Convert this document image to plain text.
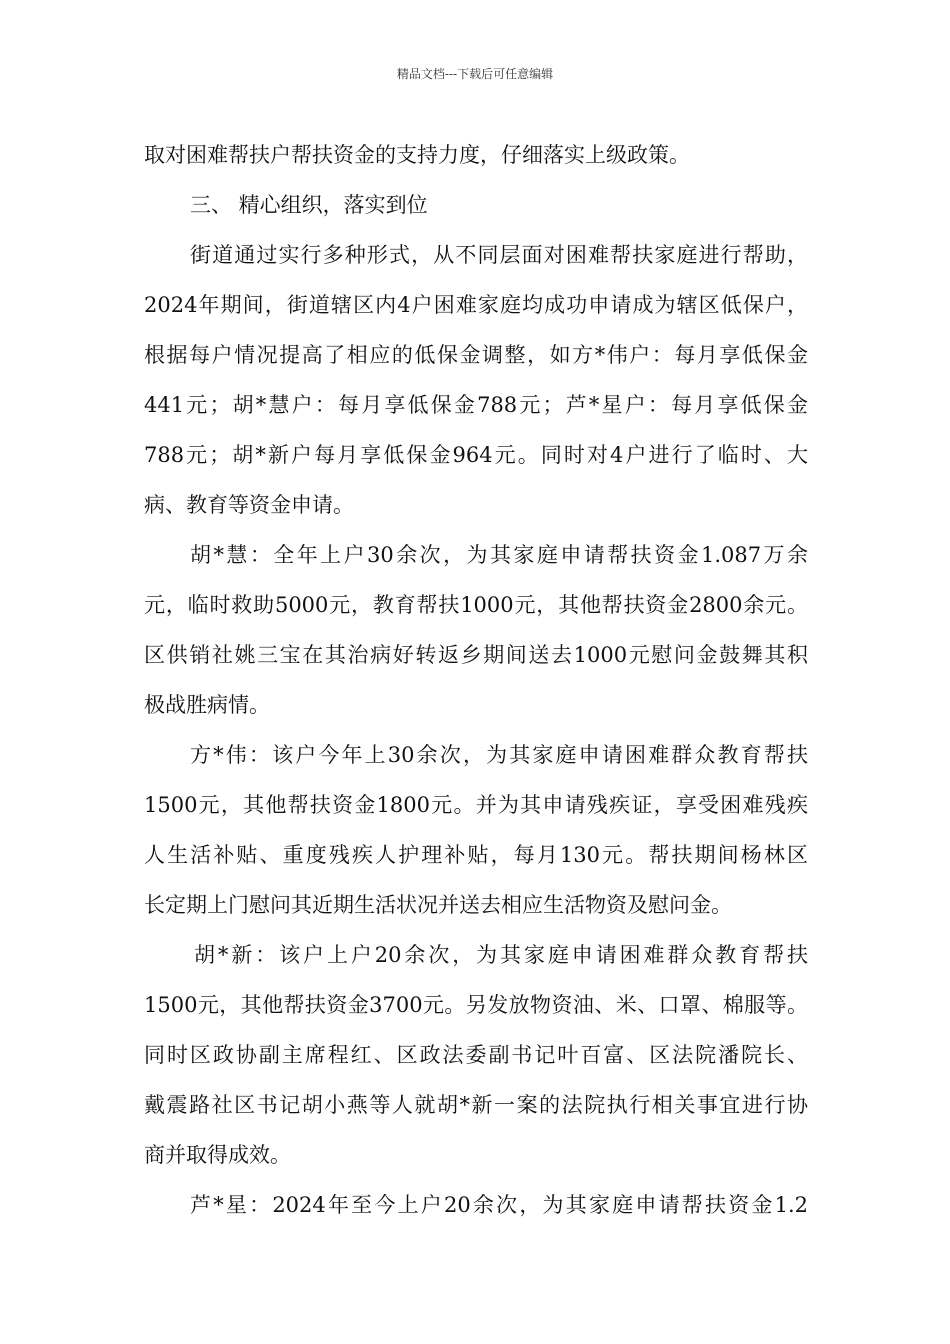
精品文档---下载后可任意编辑
取对困难帮扶户帮扶资金的支持力度，仔细落实上级政策。
三、 精心组织，落实到位
街道通过实行多种形式，从不同层面对困难帮扶家庭进行帮助，
2024年期间，街道辖区内4户困难家庭均成功申请成为辖区低保户，
根据每户情况提高了相应的低保金调整，如方*伟户：每月享低保金
441元；胡*慧户：每月享低保金788元；芦*星户：每月享低保金
788元；胡*新户每月享低保金964元。同时对4户进行了临时、大
病、教育等资金申请。
胡*慧：全年上户30余次，为其家庭申请帮扶资金1.087万余
元，临时救助5000元，教育帮扶1000元，其他帮扶资金2800余元。
区供销社姚三宝在其治病好转返乡期间送去1000元慰问金鼓舞其积
极战胜病情。
方*伟：该户今年上30余次，为其家庭申请困难群众教育帮扶
1500元，其他帮扶资金1800元。并为其申请残疾证，享受困难残疾
人生活补贴、重度残疾人护理补贴，每月130元。帮扶期间杨林区
长定期上门慰问其近期生活状况并送去相应生活物资及慰问金。
胡*新：该户上户20余次，为其家庭申请困难群众教育帮扶
1500元，其他帮扶资金3700元。另发放物资油、米、口罩、棉服等。
同时区政协副主席程红、区政法委副书记叶百富、区法院潘院长、
戴震路社区书记胡小燕等人就胡*新一案的法院执行相关事宜进行协
商并取得成效。
芦*星：2024年至今上户20余次，为其家庭申请帮扶资金1.2
